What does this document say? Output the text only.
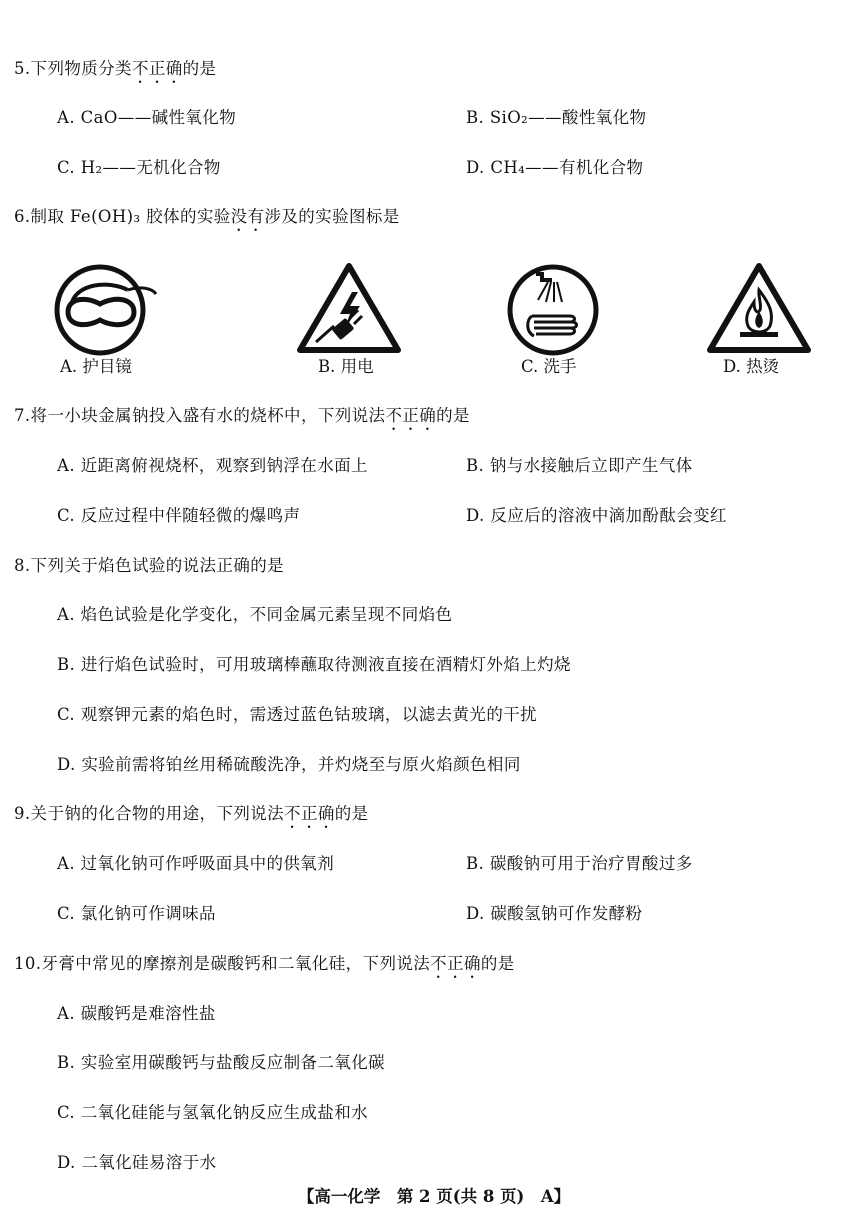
5.下列物质分类不正确的是
A. CaO——碱性氧化物	B. SiO₂——酸性氧化物
C. H₂——无机化合物	D. CH₄——有机化合物
6.制取 Fe(OH)₃ 胶体的实验没有涉及的实验图标是
A. 护目镜	B. 用电	C. 洗手	D. 热烫
7.将一小块金属钠投入盛有水的烧杯中，下列说法不正确的是
A. 近距离俯视烧杯，观察到钠浮在水面上	B. 钠与水接触后立即产生气体
C. 反应过程中伴随轻微的爆鸣声	D. 反应后的溶液中滴加酚酞会变红
8.下列关于焰色试验的说法正确的是
A. 焰色试验是化学变化，不同金属元素呈现不同焰色
B. 进行焰色试验时，可用玻璃棒蘸取待测液直接在酒精灯外焰上灼烧
C. 观察钾元素的焰色时，需透过蓝色钴玻璃，以滤去黄光的干扰
D. 实验前需将铂丝用稀硫酸洗净，并灼烧至与原火焰颜色相同
9.关于钠的化合物的用途，下列说法不正确的是
A. 过氧化钠可作呼吸面具中的供氧剂	B. 碳酸钠可用于治疗胃酸过多
C. 氯化钠可作调味品	D. 碳酸氢钠可作发酵粉
10.牙膏中常见的摩擦剂是碳酸钙和二氧化硅，下列说法不正确的是
A. 碳酸钙是难溶性盐
B. 实验室用碳酸钙与盐酸反应制备二氧化碳
C. 二氧化硅能与氢氧化钠反应生成盐和水
D. 二氧化硅易溶于水
【高一化学　第 2 页(共 8 页)　A】
